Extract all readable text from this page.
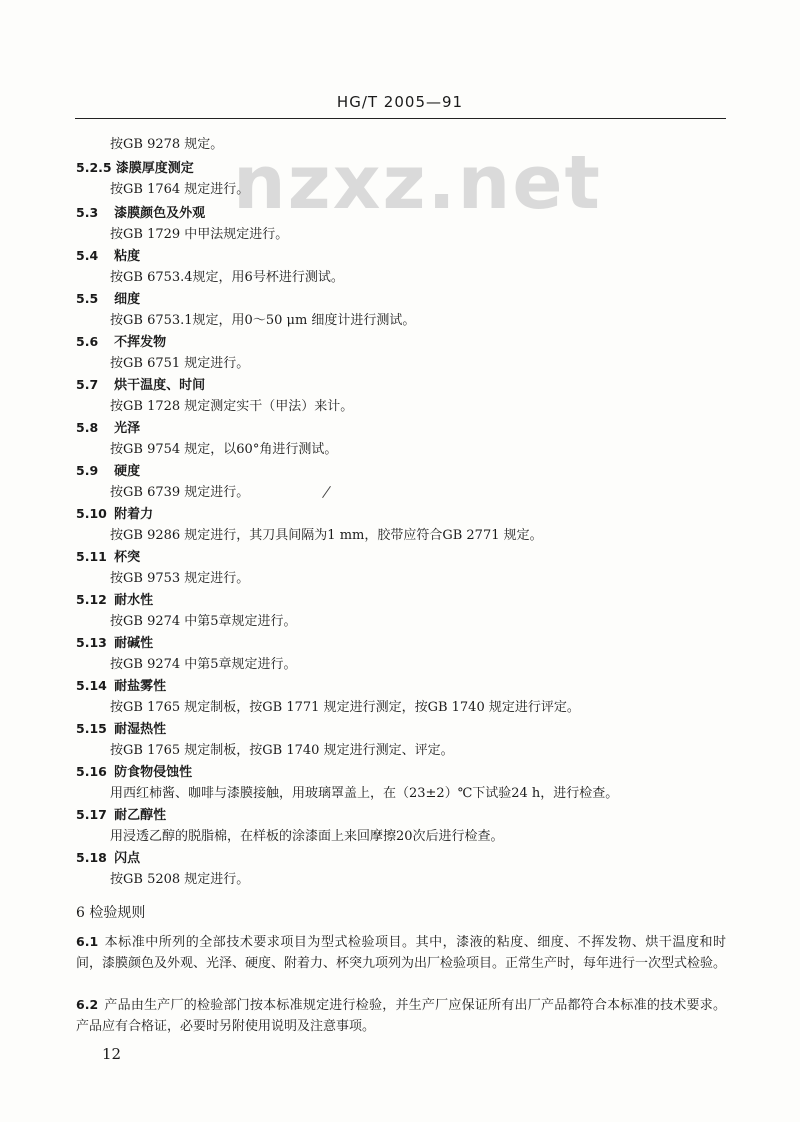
HG/T 2005—91
nzxz.net
按GB 9278 规定。
5.2.5 漆膜厚度测定
按GB 1764 规定进行。
5.3 漆膜颜色及外观
按GB 1729 中甲法规定进行。
5.4 粘度
按GB 6753.4规定，用6号杯进行测试。
5.5 细度
按GB 6753.1规定，用0～50 μm 细度计进行测试。
5.6 不挥发物
按GB 6751 规定进行。
5.7 烘干温度、时间
按GB 1728 规定测定实干（甲法）来计。
5.8 光泽
按GB 9754 规定，以60°角进行测试。
5.9 硬度
按GB 6739 规定进行。
5.10 附着力
按GB 9286 规定进行，其刀具间隔为1 mm，胶带应符合GB 2771 规定。
5.11 杯突
按GB 9753 规定进行。
5.12 耐水性
按GB 9274 中第5章规定进行。
5.13 耐碱性
按GB 9274 中第5章规定进行。
5.14 耐盐雾性
按GB 1765 规定制板，按GB 1771 规定进行测定，按GB 1740 规定进行评定。
5.15 耐湿热性
按GB 1765 规定制板，按GB 1740 规定进行测定、评定。
5.16 防食物侵蚀性
用西红柿酱、咖啡与漆膜接触，用玻璃罩盖上，在（23±2）℃下试验24 h，进行检查。
5.17 耐乙醇性
用浸透乙醇的脱脂棉，在样板的涂漆面上来回摩擦20次后进行检查。
5.18 闪点
按GB 5208 规定进行。
6 检验规则
6.1 本标准中所列的全部技术要求项目为型式检验项目。其中，漆液的粘度、细度、不挥发物、烘干温度和时间，漆膜颜色及外观、光泽、硬度、附着力、杯突九项列为出厂检验项目。正常生产时，每年进行一次型式检验。
6.2 产品由生产厂的检验部门按本标准规定进行检验，并生产厂应保证所有出厂产品都符合本标准的技术要求。产品应有合格证，必要时另附使用说明及注意事项。
12
